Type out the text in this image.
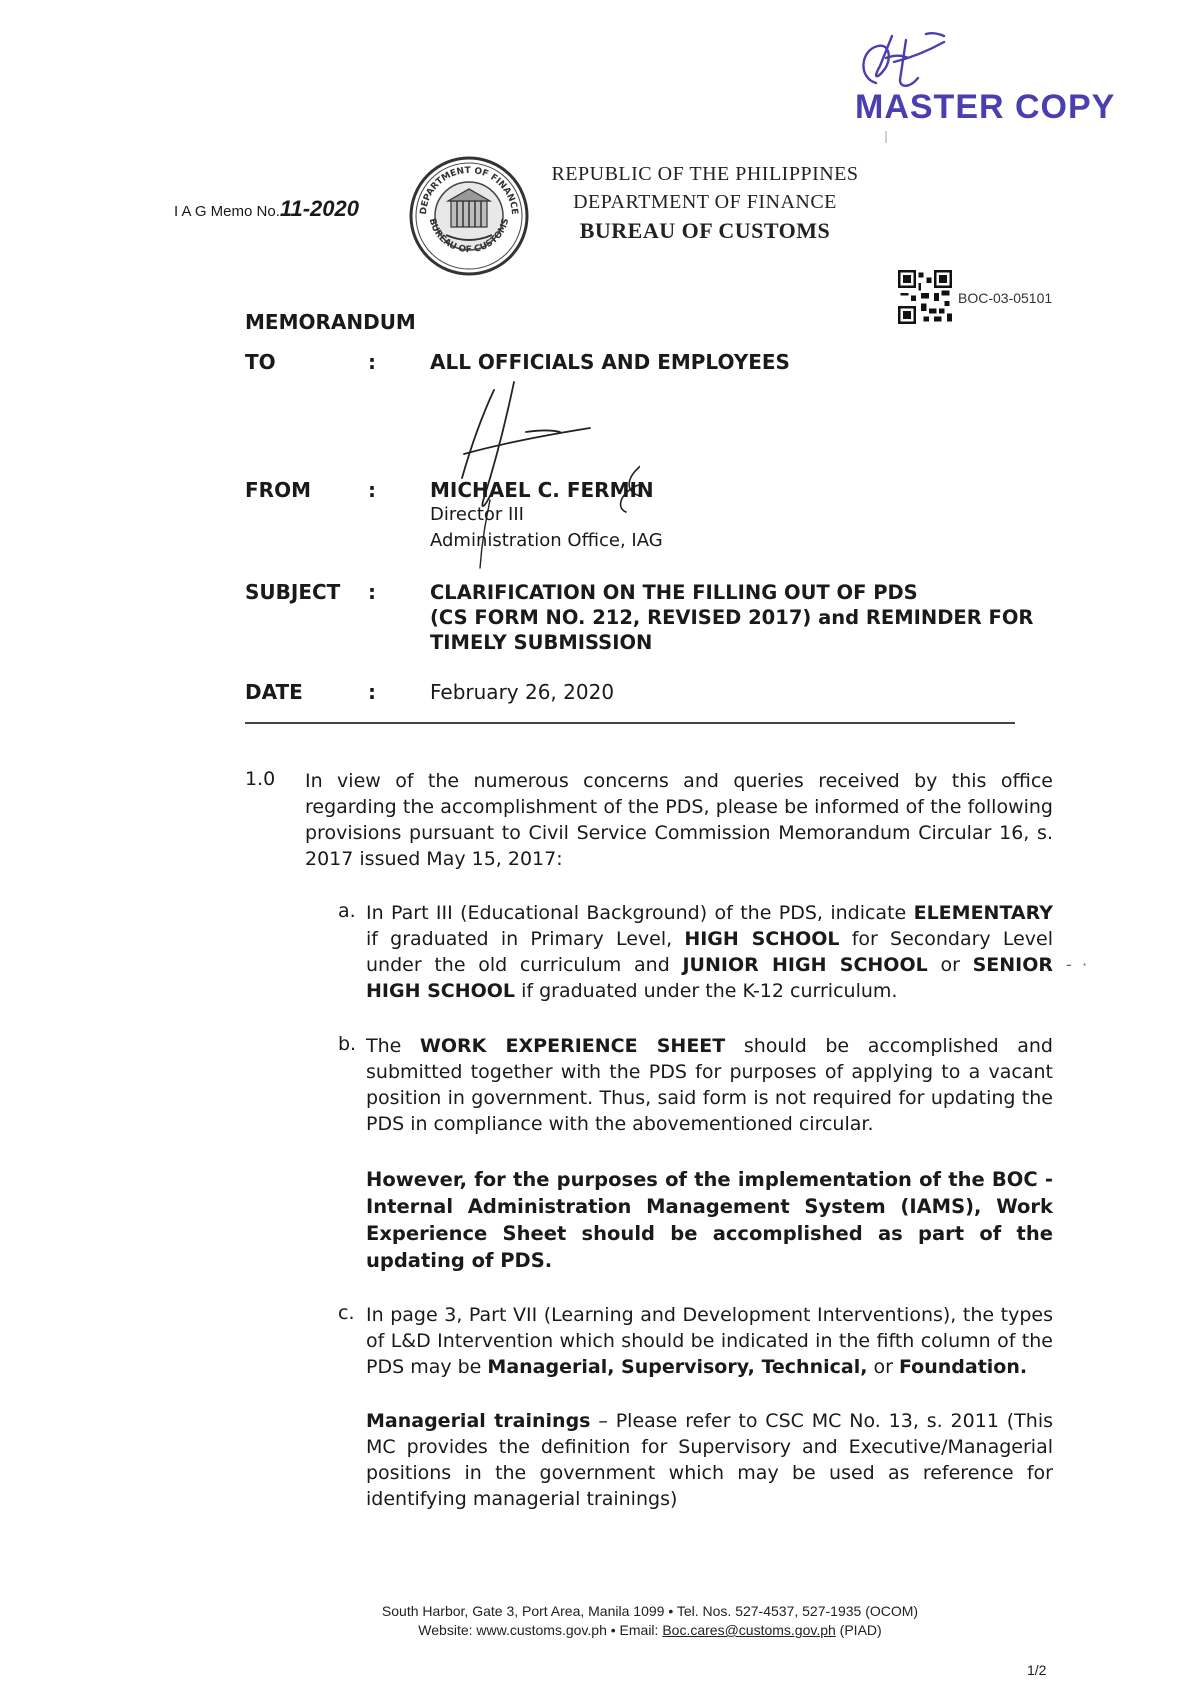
MASTER COPY
I A G Memo No.11-2020	DEPARTMENT OF FINANCE
BUREAU OF CUSTOMS
REPUBLIC OF THE PHILIPPINES
DEPARTMENT OF FINANCE
BUREAU OF CUSTOMS
BOC-03-05101
MEMORANDUM
TO	:	ALL OFFICIALS AND EMPLOYEES
FROM	:	MICHAEL C. FERMIN
Director III
Administration Office, IAG
SUBJECT :	CLARIFICATION ON THE FILLING OUT OF PDS
(CS FORM NO. 212, REVISED 2017) and REMINDER FOR
TIMELY SUBMISSION
DATE	:	February 26, 2020
1.0 In view of the numerous concerns and queries received by this office regarding the accomplishment of the PDS, please be informed of the following provisions pursuant to Civil Service Commission Memorandum Circular 16, s. 2017 issued May 15, 2017:
a. In Part III (Educational Background) of the PDS, indicate ELEMENTARY if graduated in Primary Level, HIGH SCHOOL for Secondary Level under the old curriculum and JUNIOR HIGH SCHOOL or SENIOR HIGH SCHOOL if graduated under the K-12 curriculum.
-  ·
b. The WORK EXPERIENCE SHEET should be accomplished and submitted together with the PDS for purposes of applying to a vacant position in government. Thus, said form is not required for updating the PDS in compliance with the abovementioned circular.
However, for the purposes of the implementation of the BOC - Internal Administration Management System (IAMS), Work Experience Sheet should be accomplished as part of the updating of PDS.
c. In page 3, Part VII (Learning and Development Interventions), the types of L&D Intervention which should be indicated in the fifth column of the PDS may be Managerial, Supervisory, Technical, or Foundation.
Managerial trainings – Please refer to CSC MC No. 13, s. 2011 (This MC provides the definition for Supervisory and Executive/Managerial positions in the government which may be used as reference for identifying managerial trainings)
South Harbor, Gate 3, Port Area, Manila 1099 • Tel. Nos. 527-4537, 527-1935 (OCOM)
Website: www.customs.gov.ph • Email: Boc.cares@customs.gov.ph (PIAD)
1/2
